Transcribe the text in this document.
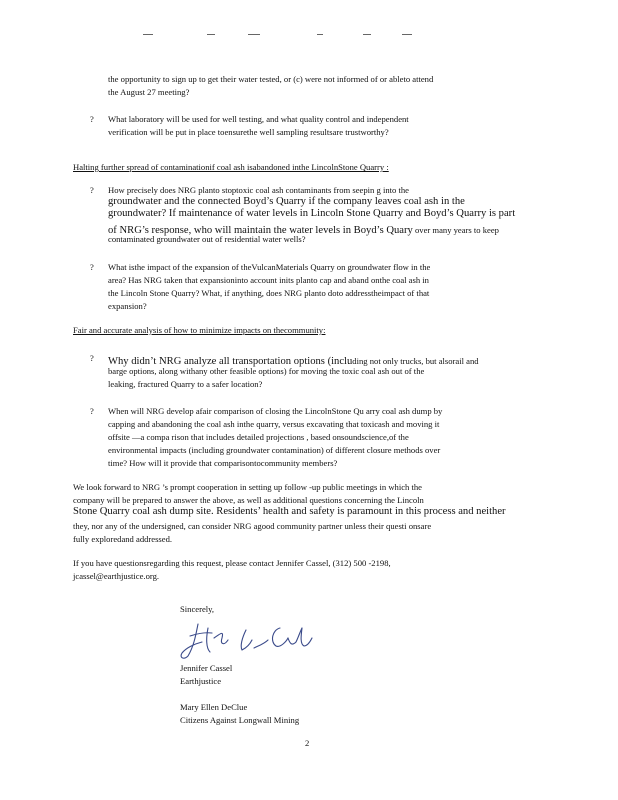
the opportunity to sign up to get their water tested, or (c) were not informed of or ableto attend
the August 27 meeting?
? What laboratory will be used for well testing, and what quality control and independent
verification will be put in place toensurethe well sampling resultsare trustworthy?
Halting further spread of contaminationif coal ash isabandoned inthe LincolnStone Quarry :
? How precisely does NRG planto stoptoxic coal ash contaminants from seepin g into the
groundwater and the connected Boyd’s Quarry if the company leaves coal ash in the
groundwater? If maintenance of water levels in Lincoln Stone Quarry and Boyd’s Quarry is part
of NRG’s response, who will maintain the water levels in Boyd’s Quary over many years to keep
contaminated groundwater out of residential water wells?
? What isthe impact of the expansion of theVulcanMaterials Quarry on groundwater flow in the
area? Has NRG taken that expansioninto account inits planto cap and aband onthe coal ash in
the Lincoln Stone Quarry? What, if anything, does NRG planto doto addresstheimpact of that
expansion?
Fair and accurate analysis of how to minimize impacts on thecommunity:
? Why didn’t NRG analyze all transportation options (including not only trucks, but alsorail and
barge options, along withany other feasible options) for moving the toxic coal ash out of the
leaking, fractured Quarry to a safer location?
? When will NRG develop afair comparison of closing the LincolnStone Qu arry coal ash dump by
capping and abandoning the coal ash inthe quarry, versus excavating that toxicash and moving it
offsite —a compa rison that includes detailed projections , based onsoundscience,of the
environmental impacts (including groundwater contamination) of different closure methods over
time? How will it provide that comparisontocommunity members?
We look forward to NRG ’s prompt cooperation in setting up follow -up public meetings in which the
company will be prepared to answer the above, as well as additional questions concerning the Lincoln
Stone Quarry coal ash dump site. Residents’ health and safety is paramount in this process and neither
they, nor any of the undersigned, can consider NRG agood community partner unless their questi onsare
fully exploredand addressed.
If you have questionsregarding this request, please contact Jennifer Cassel, (312) 500 -2198,
jcassel@earthjustice.org.
Sincerely,
Jennifer Cassel
Earthjustice
Mary Ellen DeClue
Citizens Against Longwall Mining
2
